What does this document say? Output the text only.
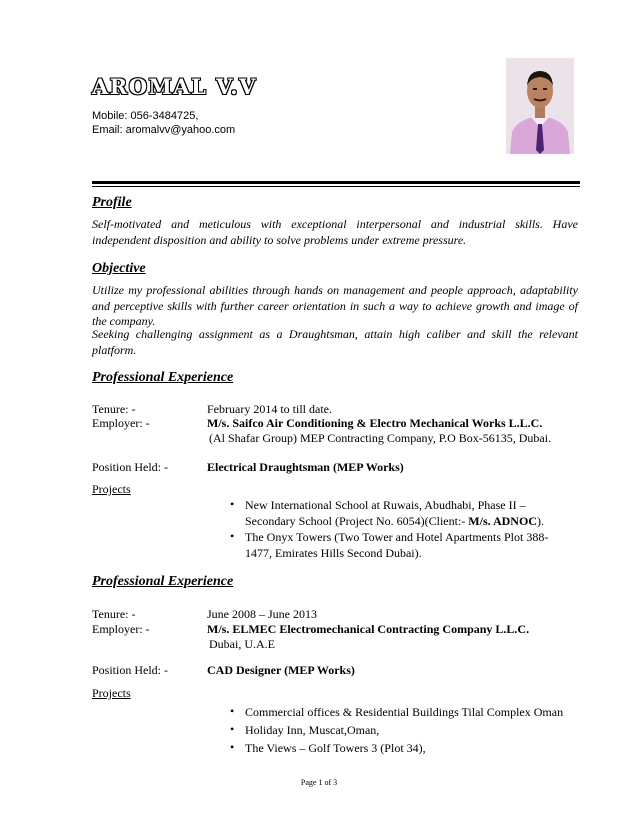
AROMAL V.V
Mobile: 056-3484725,
Email: aromalvv@yahoo.com
Profile

Self-motivated and meticulous with exceptional interpersonal and industrial skills. Have independent disposition and ability to solve problems under extreme pressure.

Objective

Utilize my professional abilities through hands on management and people approach, adaptability and perceptive skills with further career orientation in such a way to achieve growth and image of the company.

Seeking challenging assignment as a Draughtsman, attain high caliber and skill the relevant platform.

Professional Experience
Tenure: -	February 2014 to till date.
Employer: -	M/s. Saifco Air Conditioning & Electro Mechanical Works L.L.C.
(Al Shafar Group) MEP Contracting Company, P.O Box-56135, Dubai.
Position Held: -	Electrical Draughtsman (MEP Works)
Projects
• New International School at Ruwais, Abudhabi, Phase II –
Secondary School (Project No. 6054)(Client:- M/s. ADNOC).
• The Onyx Towers (Two Tower and Hotel Apartments Plot 388-
1477, Emirates Hills Second Dubai).
Professional Experience
Tenure: -	June 2008 – June 2013
Employer: -	M/s. ELMEC Electromechanical Contracting Company L.L.C.
Dubai, U.A.E
Position Held: -	CAD Designer (MEP Works)
Projects
• Commercial offices & Residential Buildings Tilal Complex Oman
• Holiday Inn, Muscat,Oman,
• The Views – Golf Towers 3 (Plot 34),
Page 1 of 3
